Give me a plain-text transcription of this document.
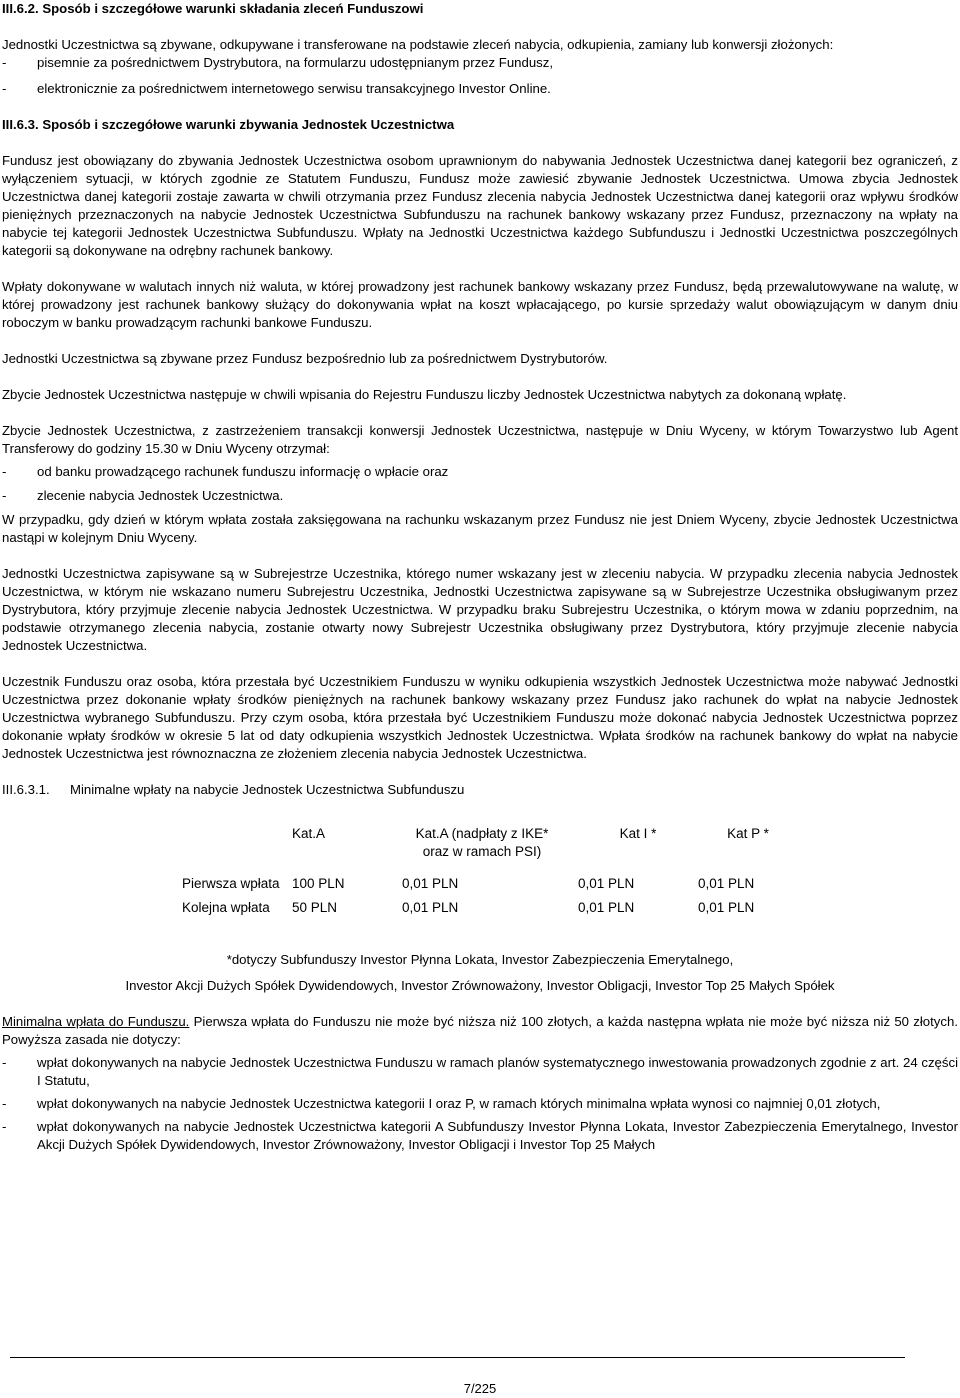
III.6.2. Sposób i szczegółowe warunki składania zleceń Funduszowi

Jednostki Uczestnictwa są zbywane, odkupywane i transferowane na podstawie zleceń nabycia, odkupienia, zamiany lub konwersji złożonych:

- pisemnie za pośrednictwem Dystrybutora, na formularzu udostępnianym przez Fundusz,

- elektronicznie za pośrednictwem internetowego serwisu transakcyjnego Investor Online.

III.6.3. Sposób i szczegółowe warunki zbywania Jednostek Uczestnictwa

Fundusz jest obowiązany do zbywania Jednostek Uczestnictwa osobom uprawnionym do nabywania Jednostek Uczestnictwa danej kategorii bez ograniczeń, z wyłączeniem sytuacji, w których zgodnie ze Statutem Funduszu, Fundusz może zawiesić zbywanie Jednostek Uczestnictwa. Umowa zbycia Jednostek Uczestnictwa danej kategorii zostaje zawarta w chwili otrzymania przez Fundusz zlecenia nabycia Jednostek Uczestnictwa danej kategorii oraz wpływu środków pieniężnych przeznaczonych na nabycie Jednostek Uczestnictwa Subfunduszu na rachunek bankowy wskazany przez Fundusz, przeznaczony na wpłaty na nabycie tej kategorii Jednostek Uczestnictwa Subfunduszu. Wpłaty na Jednostki Uczestnictwa każdego Subfunduszu i Jednostki Uczestnictwa poszczególnych kategorii są dokonywane na odrębny rachunek bankowy.

Wpłaty dokonywane w walutach innych niż waluta, w której prowadzony jest rachunek bankowy wskazany przez Fundusz, będą przewalutowywane na walutę, w której prowadzony jest rachunek bankowy służący do dokonywania wpłat na koszt wpłacającego, po kursie sprzedaży walut obowiązującym w danym dniu roboczym w banku prowadzącym rachunki bankowe Funduszu.

Jednostki Uczestnictwa są zbywane przez Fundusz bezpośrednio lub za pośrednictwem Dystrybutorów.

Zbycie Jednostek Uczestnictwa następuje w chwili wpisania do Rejestru Funduszu liczby Jednostek Uczestnictwa nabytych za dokonaną wpłatę.

Zbycie Jednostek Uczestnictwa, z zastrzeżeniem transakcji konwersji Jednostek Uczestnictwa, następuje w Dniu Wyceny, w którym Towarzystwo lub Agent Transferowy do godziny 15.30 w Dniu Wyceny otrzymał:

- od banku prowadzącego rachunek funduszu informację o wpłacie oraz

- zlecenie nabycia Jednostek Uczestnictwa.

W przypadku, gdy dzień w którym wpłata została zaksięgowana na rachunku wskazanym przez Fundusz nie jest Dniem Wyceny, zbycie Jednostek Uczestnictwa nastąpi w kolejnym Dniu Wyceny.

Jednostki Uczestnictwa zapisywane są w Subrejestrze Uczestnika, którego numer wskazany jest w zleceniu nabycia. W przypadku zlecenia nabycia Jednostek Uczestnictwa, w którym nie wskazano numeru Subrejestru Uczestnika, Jednostki Uczestnictwa zapisywane są w Subrejestrze Uczestnika obsługiwanym przez Dystrybutora, który przyjmuje zlecenie nabycia Jednostek Uczestnictwa. W przypadku braku Subrejestru Uczestnika, o którym mowa w zdaniu poprzednim, na podstawie otrzymanego zlecenia nabycia, zostanie otwarty nowy Subrejestr Uczestnika obsługiwany przez Dystrybutora, który przyjmuje zlecenie nabycia Jednostek Uczestnictwa.

Uczestnik Funduszu oraz osoba, która przestała być Uczestnikiem Funduszu w wyniku odkupienia wszystkich Jednostek Uczestnictwa może nabywać Jednostki Uczestnictwa przez dokonanie wpłaty środków pieniężnych na rachunek bankowy wskazany przez Fundusz jako rachunek do wpłat na nabycie Jednostek Uczestnictwa wybranego Subfunduszu. Przy czym osoba, która przestała być Uczestnikiem Funduszu może dokonać nabycia Jednostek Uczestnictwa poprzez dokonanie wpłaty środków w okresie 5 lat od daty odkupienia wszystkich Jednostek Uczestnictwa. Wpłata środków na rachunek bankowy do wpłat na nabycie Jednostek Uczestnictwa jest równoznaczna ze złożeniem zlecenia nabycia Jednostek Uczestnictwa.

III.6.3.1. Minimalne wpłaty na nabycie Jednostek Uczestnictwa Subfunduszu

	Kat.A	Kat.A (nadpłaty z IKE* oraz w ramach PSI)	Kat I *	Kat P *
Pierwsza wpłata	100 PLN	0,01 PLN	0,01 PLN	0,01 PLN
Kolejna wpłata	50 PLN	0,01 PLN	0,01 PLN	0,01 PLN

*dotyczy Subfunduszy Investor Płynna Lokata, Investor Zabezpieczenia Emerytalnego,

Investor Akcji Dużych Spółek Dywidendowych, Investor Zrównoważony, Investor Obligacji, Investor Top 25 Małych Spółek

Minimalna wpłata do Funduszu. Pierwsza wpłata do Funduszu nie może być niższa niż 100 złotych, a każda następna wpłata nie może być niższa niż 50 złotych. Powyższa zasada nie dotyczy:

- wpłat dokonywanych na nabycie Jednostek Uczestnictwa Funduszu w ramach planów systematycznego inwestowania prowadzonych zgodnie z art. 24 części I Statutu,

- wpłat dokonywanych na nabycie Jednostek Uczestnictwa kategorii I oraz P, w ramach których minimalna wpłata wynosi co najmniej 0,01 złotych,

- wpłat dokonywanych na nabycie Jednostek Uczestnictwa kategorii A Subfunduszy Investor Płynna Lokata, Investor Zabezpieczenia Emerytalnego, Investor Akcji Dużych Spółek Dywidendowych, Investor Zrównoważony, Investor Obligacji i Investor Top 25 Małych

7/225
